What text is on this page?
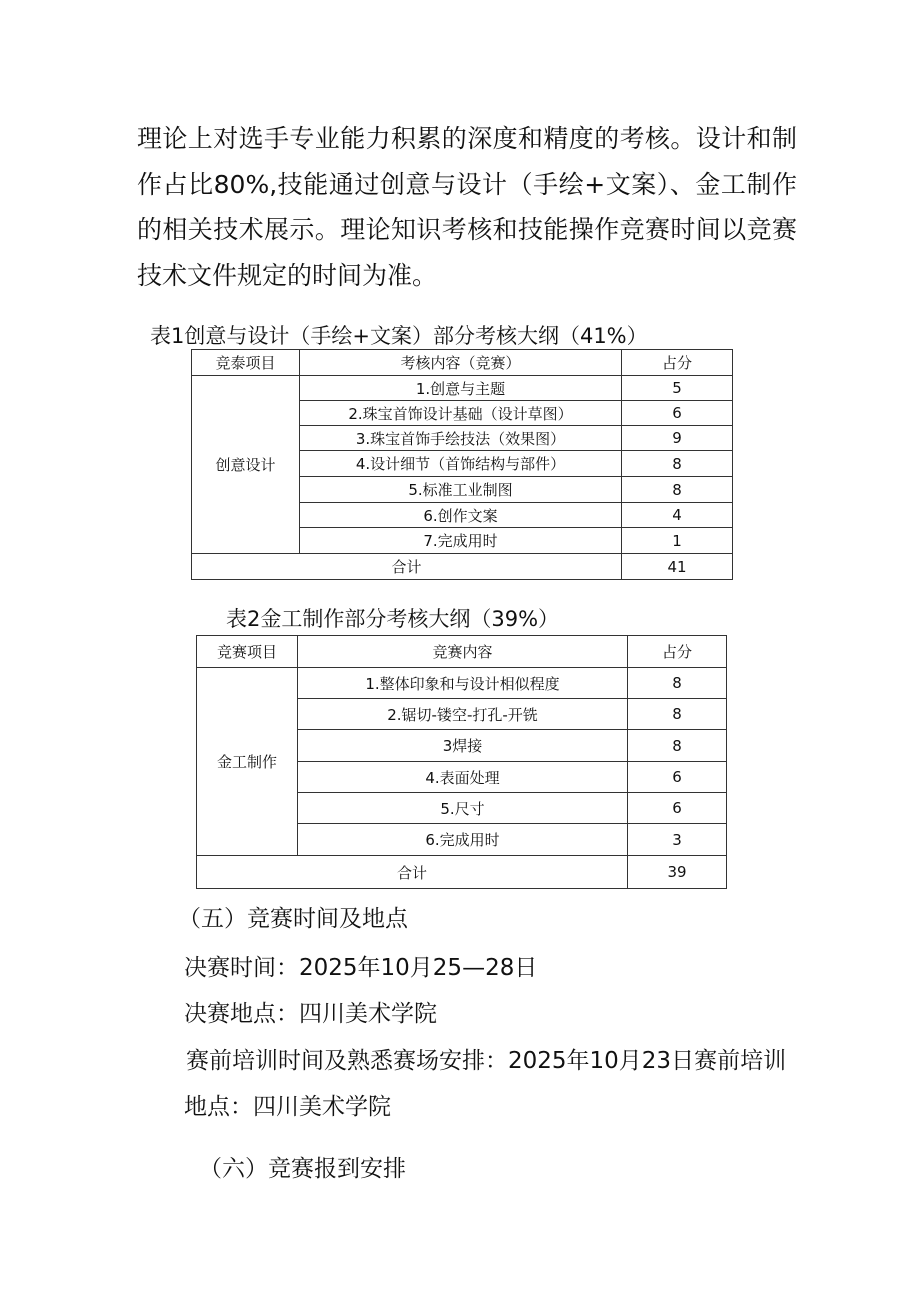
理论上对选手专业能力积累的深度和精度的考核。设计和制作占比80%,技能通过创意与设计（手绘+文案）、金工制作的相关技术展示。理论知识考核和技能操作竞赛时间以竞赛技术文件规定的时间为准。

表1创意与设计（手绘+文案）部分考核大纲（41%）

竞泰项目	考核内容（竞赛）	占分
创意设计	1.创意与主题	5
	2.珠宝首饰设计基础（设计草图）	6
	3.珠宝首饰手绘技法（效果图）	9
	4.设计细节（首饰结构与部件）	8
	5.标准工业制图	8
	6.创作文案	4
	7.完成用时	1
合计		41

表2金工制作部分考核大纲（39%）

竞赛项目	竞赛内容	占分
金工制作	1.整体印象和与设计相似程度	8
	2.锯切-镂空-打孔-开铣	8
	3焊接	8
	4.表面处理	6
	5.尺寸	6
	6.完成用时	3
合计		39

（五）竞赛时间及地点

决赛时间：2025年10月25—28日

决赛地点：四川美术学院

赛前培训时间及熟悉赛场安排：2025年10月23日赛前培训

地点：四川美术学院

（六）竞赛报到安排
